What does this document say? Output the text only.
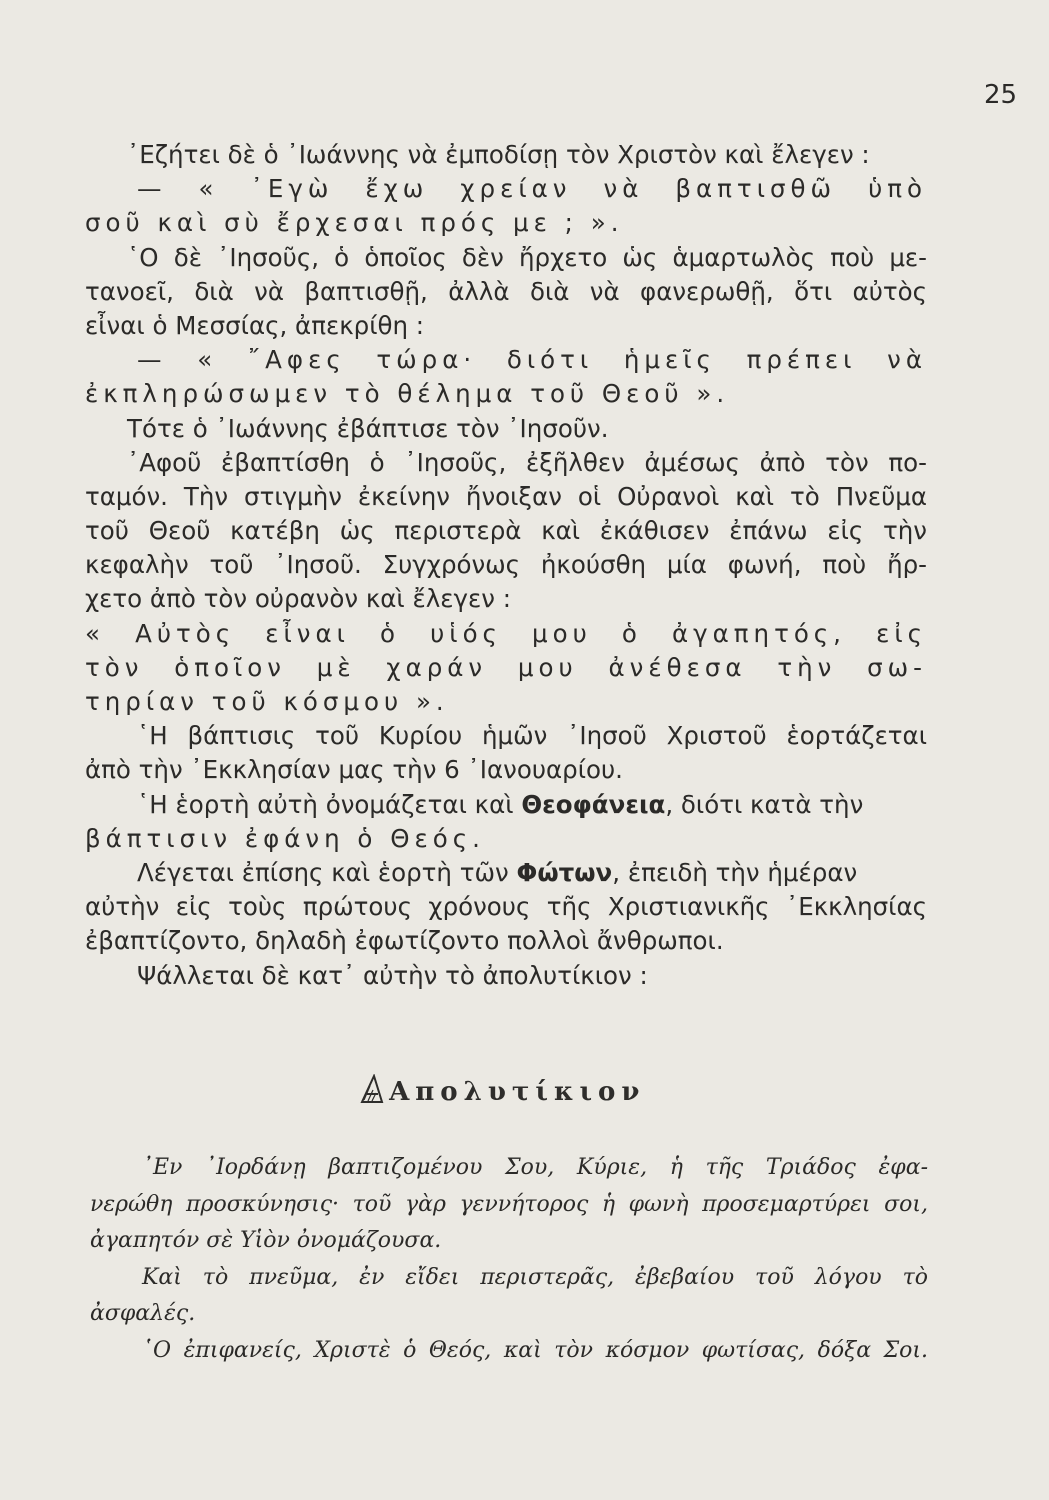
25
᾿Εζήτει δὲ ὁ ᾿Ιωάννης νὰ ἐμποδίσῃ τὸν Χριστὸν καὶ ἔλεγεν :
— « ᾿Εγὼ ἔχω χρείαν νὰ βαπτισθῶ ὑπὸ
σοῦ καὶ σὺ ἔρχεσαι πρός με ; ».
῾Ο δὲ ᾿Ιησοῦς, ὁ ὁποῖος δὲν ἤρχετο ὡς ἁμαρτωλὸς ποὺ με-
τανοεῖ, διὰ νὰ βαπτισθῇ, ἀλλὰ διὰ νὰ φανερωθῇ, ὅτι αὐτὸς
εἶναι ὁ Μεσσίας, ἀπεκρίθη :
— « ῎Αφες τώρα· διότι ἡμεῖς πρέπει νὰ
ἐκπληρώσωμεν τὸ θέλημα τοῦ Θεοῦ ».
Τότε ὁ ᾿Ιωάννης ἐβάπτισε τὸν ᾿Ιησοῦν.
᾿Αφοῦ ἐβαπτίσθη ὁ ᾿Ιησοῦς, ἐξῆλθεν ἀμέσως ἀπὸ τὸν πο-
ταμόν. Τὴν στιγμὴν ἐκείνην ἤνοιξαν οἱ Οὐρανοὶ καὶ τὸ Πνεῦμα
τοῦ Θεοῦ κατέβη ὡς περιστερὰ καὶ ἐκάθισεν ἐπάνω εἰς τὴν
κεφαλὴν τοῦ ᾿Ιησοῦ. Συγχρόνως ἠκούσθη μία φωνή, ποὺ ἤρ-
χετο ἀπὸ τὸν οὐρανὸν καὶ ἔλεγεν :
« Αὐτὸς εἶναι ὁ υἱός μου ὁ ἀγαπητός, εἰς
τὸν ὁποῖον μὲ χαράν μου ἀνέθεσα τὴν σω-
τηρίαν τοῦ κόσμου ».
῾Η βάπτισις τοῦ Κυρίου ἡμῶν ᾿Ιησοῦ Χριστοῦ ἑορτάζεται
ἀπὸ τὴν ᾿Εκκλησίαν μας τὴν 6 ᾿Ιανουαρίου.
῾Η ἑορτὴ αὐτὴ ὀνομάζεται καὶ Θεοφάνεια, διότι κατὰ τὴν
βάπτισιν ἐφάνη ὁ Θεός.
Λέγεται ἐπίσης καὶ ἑορτὴ τῶν Φώτων, ἐπειδὴ τὴν ἡμέραν
αὐτὴν εἰς τοὺς πρώτους χρόνους τῆς Χριστιανικῆς ᾿Εκκλησίας
ἐβαπτίζοντο, δηλαδὴ ἐφωτίζοντο πολλοὶ ἄνθρωποι.
Ψάλλεται δὲ κατ᾿ αὐτὴν τὸ ἀπολυτίκιον :
Απολυτίκιον
᾿Εν ᾿Ιορδάνῃ βαπτιζομένου Σου, Κύριε, ἡ τῆς Τριάδος ἐφα-
νερώθη προσκύνησις· τοῦ γὰρ γεννήτορος ἡ φωνὴ προσεμαρτύρει σοι,
ἀγαπητόν σὲ Υἱὸν ὀνομάζουσα.
Καὶ τὸ πνεῦμα, ἐν εἴδει περιστερᾶς, ἐβεβαίου τοῦ λόγου τὸ
ἀσφαλές.
῾Ο ἐπιφανείς, Χριστὲ ὁ Θεός, καὶ τὸν κόσμον φωτίσας, δόξα Σοι.
